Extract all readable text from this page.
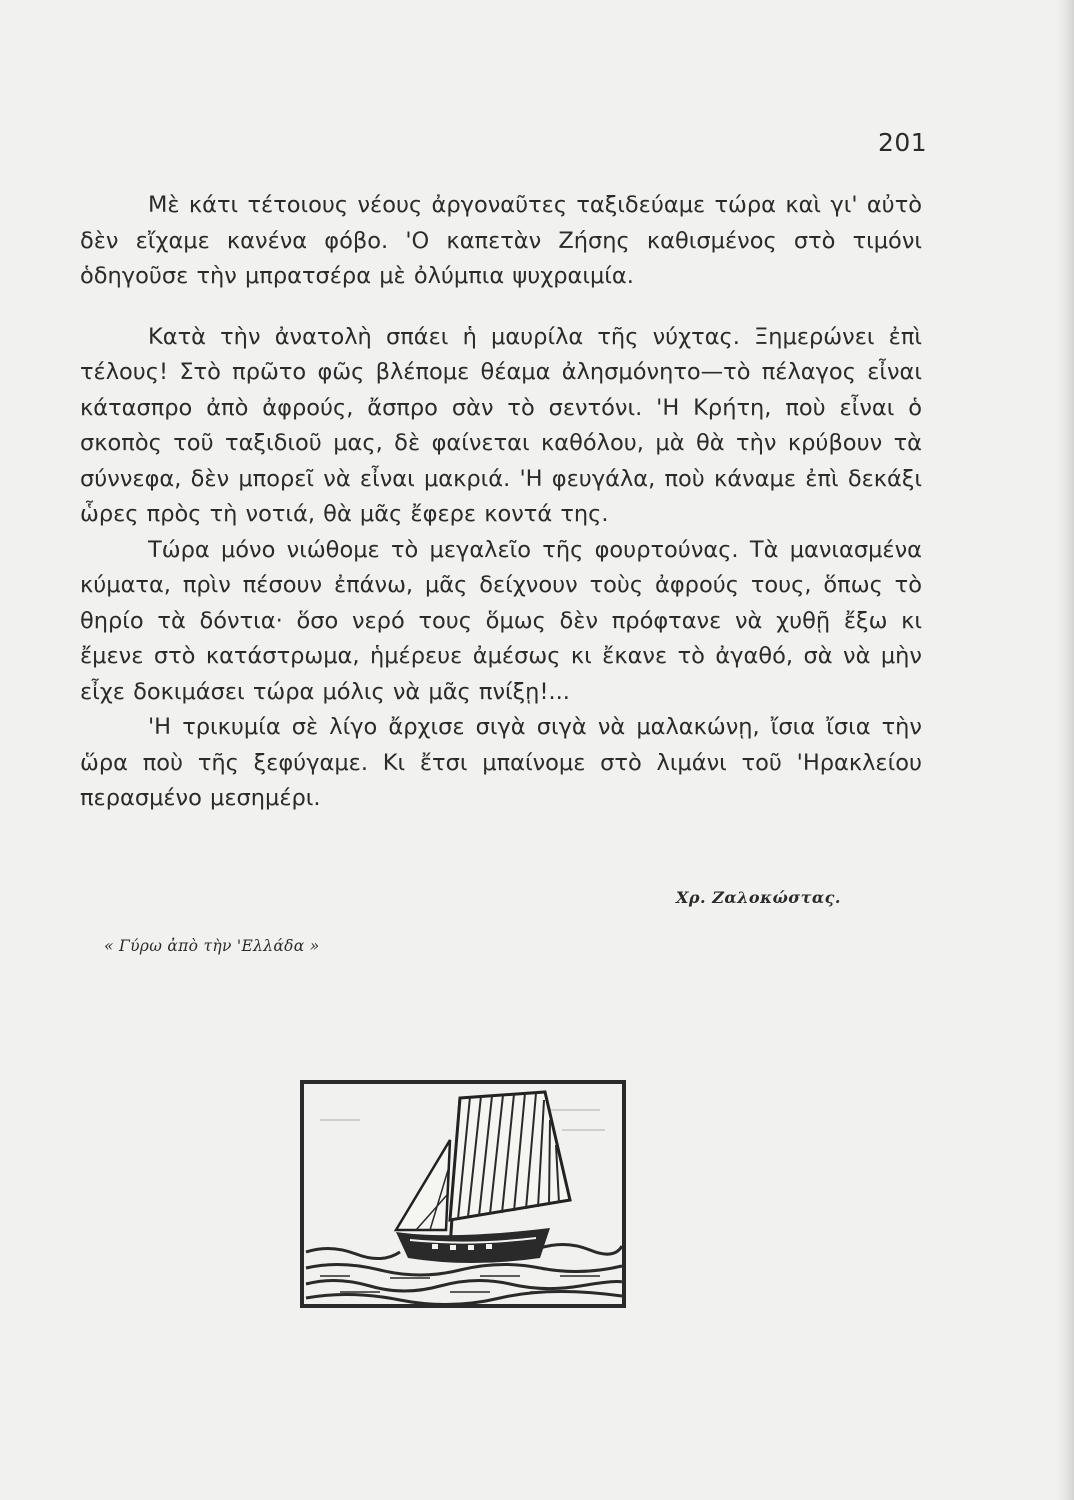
201

Μὲ κάτι τέτοιους νέους ἀργοναῦτες ταξιδεύαμε τώρα καὶ γι' αὐτὸ δὲν εἴχαμε κανένα φόβο. 'Ο καπετὰν Ζήσης καθισμένος στὸ τιμόνι ὁδηγοῦσε τὴν μπρατσέρα μὲ ὀλύμπια ψυχραιμία.

Κατὰ τὴν ἀνατολὴ σπάει ἡ μαυρίλα τῆς νύχτας. Ξημερώνει ἐπὶ τέλους! Στὸ πρῶτο φῶς βλέπομε θέαμα ἀλησμόνητο—τὸ πέλαγος εἶναι κάτασπρο ἀπὸ ἀφρούς, ἄσπρο σὰν τὸ σεντόνι. 'Η Κρήτη, ποὺ εἶναι ὁ σκοπὸς τοῦ ταξιδιοῦ μας, δὲ φαίνεται καθόλου, μὰ θὰ τὴν κρύβουν τὰ σύννεφα, δὲν μπορεῖ νὰ εἶναι μακριά. 'Η φευγάλα, ποὺ κάναμε ἐπὶ δεκάξι ὧρες πρὸς τὴ νοτιά, θὰ μᾶς ἔφερε κοντά της.

Τώρα μόνο νιώθομε τὸ μεγαλεῖο τῆς φουρτούνας. Τὰ μανιασμένα κύματα, πρὶν πέσουν ἐπάνω, μᾶς δείχνουν τοὺς ἀφρούς τους, ὅπως τὸ θηρίο τὰ δόντια· ὅσο νερό τους ὅμως δὲν πρόφτανε νὰ χυθῇ ἔξω κι ἔμενε στὸ κατάστρωμα, ἡμέρευε ἀμέσως κι ἔκανε τὸ ἀγαθό, σὰ νὰ μὴν εἶχε δοκιμάσει τώρα μόλις νὰ μᾶς πνίξῃ!...

'Η τρικυμία σὲ λίγο ἄρχισε σιγὰ σιγὰ νὰ μαλακώνῃ, ἴσια ἴσια τὴν ὥρα ποὺ τῆς ξεφύγαμε. Κι ἔτσι μπαίνομε στὸ λιμάνι τοῦ 'Ηρακλείου περασμένο μεσημέρι.

Χρ. Ζαλοκώστας.
« Γύρω ἀπὸ τὴν 'Ελλάδα »
